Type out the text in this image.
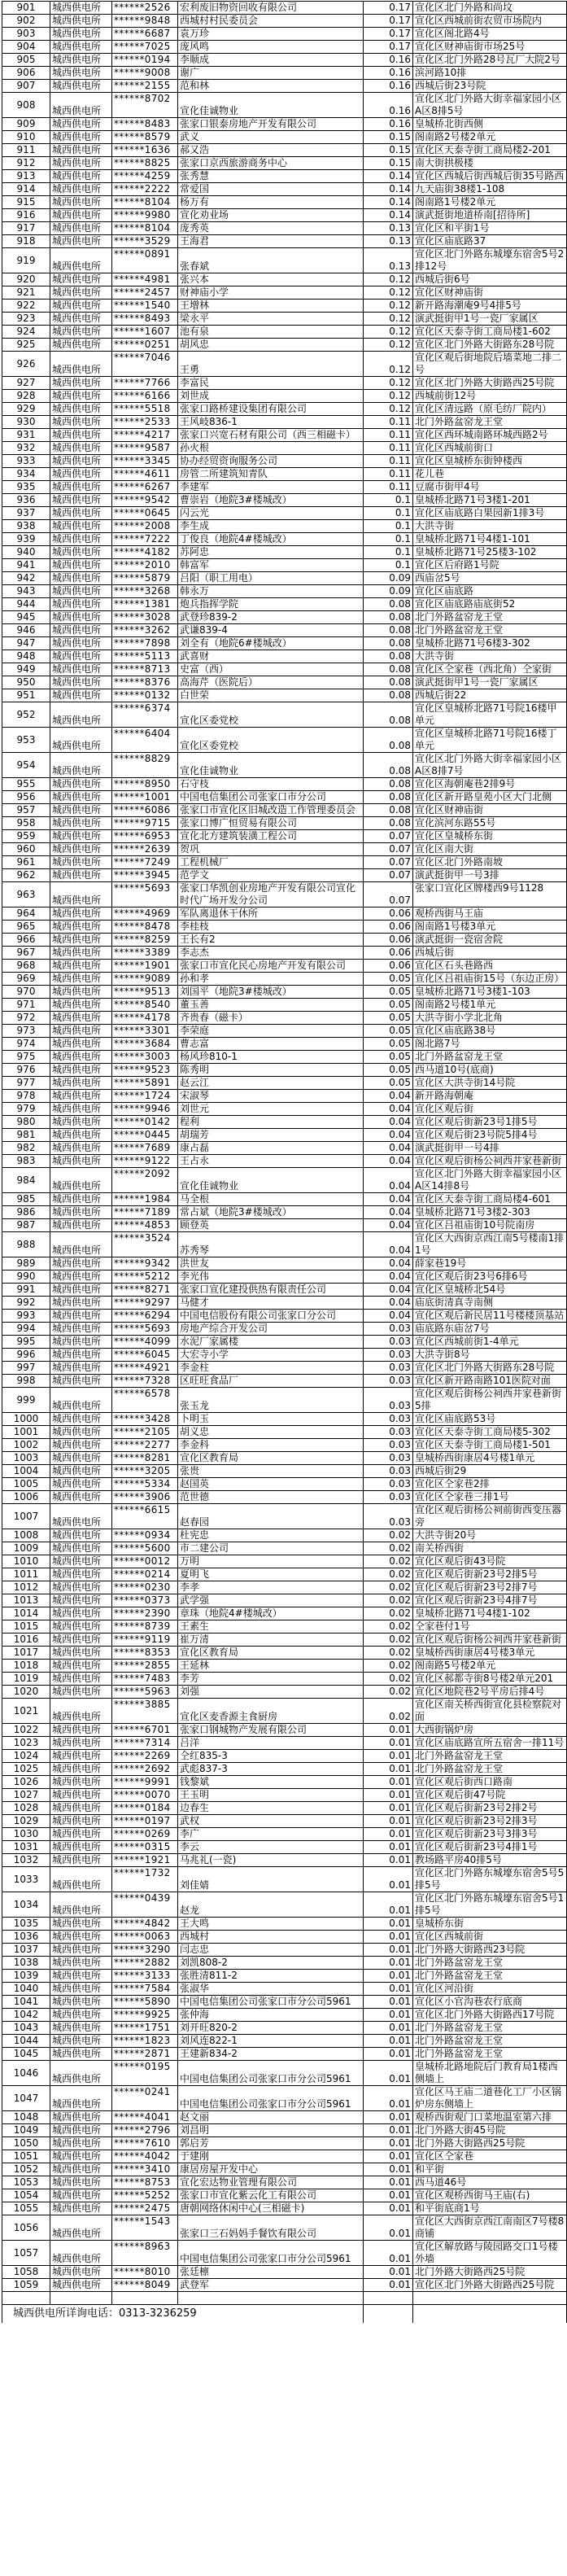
901	城西供电所	******2526	宏利废旧物资回收有限公司	0.17	宣化区北门外路和尚坟
902	城西供电所	******9848	西城村村民委员会	0.17	宣化区西城前街农贸市场院内
903	城西供电所	******6687	袁万珍	0.17	宣化区阁北路4号
904	城西供电所	******7025	庞风鸣	0.17	宣化区财神庙街市场25号
905	城西供电所	******0194	李顺成	0.16	宣化区北门外路28号瓦厂大院2号
906	城西供电所	******9008	谢广	0.16	滨河路10排
907	城西供电所	******2155	范和林	0.16	西城后街23号院
908	城西供电所	******8702	宣化佳诚物业	0.16	宣化区北门外路大街幸福家园小区A区8排5号
909	城西供电所	******8483	张家口银泰房地产开发有限公司	0.16	皇城桥北街西侧
910	城西供电所	******8579	武义	0.15	阁南路2号楼2单元
911	城西供电所	******1636	郝又浩	0.15	宣化区天泰寺街工商局楼2-201
912	城西供电所	******8825	张家口京西旅游商务中心	0.15	南大街拱极楼
913	城西供电所	******4259	张秀慧	0.14	宣化区西城后街西城后街35号路西
914	城西供电所	******2222	常爱国	0.14	九天庙街38楼1-108
915	城西供电所	******8104	杨万有	0.14	阁南路1号楼2单元
916	城西供电所	******9980	宣化劝业场	0.14	演武挺街地道桥南[招待所]
917	城西供电所	******8104	庞秀英	0.13	宣化区和平街1号
918	城西供电所	******3529	王海君	0.13	宣化区庙底路37
919	城西供电所	******0891	张春斌	0.13	宣化区北门外路东城壕东宿舍5号2排12号
920	城西供电所	******4981	张兴本	0.12	西城后街6号
921	城西供电所	******2457	财神庙小学	0.12	宣化区财神庙街
922	城西供电所	******1540	王增林	0.12	新开路海潮庵9号4排5号
923	城西供电所	******8493	梁永平	0.12	演武挺街甲1号一瓷厂家属区
924	城西供电所	******1607	池有泉	0.12	宣化区天泰寺街工商局楼1-602
925	城西供电所	******0251	胡风忠	0.12	宣化区北门外路大街路东28号院
926	城西供电所	******7046	王勇	0.12	宣化区观后街地院后墙菜地二排二号
927	城西供电所	******7766	李富民	0.12	宣化区北门外路大街路西25号院
928	城西供电所	******6166	刘世成	0.12	西城前街12号
929	城西供电所	******5518	张家口路桥建设集团有限公司	0.12	宣化区清远路（原毛纺厂院内）
930	城西供电所	******2533	王风岐836-1	0.11	北门外路盆窑龙王堂
931	城西供电所	******4217	张家口兴宽石材有限公司（西三相磁卡）	0.11	宣化区西环城南路环城西路2号
932	城西供电所	******9587	孙火根	0.11	宣化区西城前街口
933	城西供电所	******3345	协办经贸资询服务公司	0.11	宣化区皇城桥东街钟楼西
934	城西供电所	******4611	房管二所建筑知青队	0.11	花儿巷
935	城西供电所	******6267	李建军	0.11	豆腐市街甲4号
936	城西供电所	******9542	曹崇岩（地院3#楼城改）	0.1	皇城桥北路71号3楼1-201
937	城西供电所	******0645	闪云光	0.1	宣化区庙底路白果园新1排3号
938	城西供电所	******2008	李生成	0.1	大洪寺街
939	城西供电所	******7222	丁俊良（地院4#楼城改）	0.1	皇城桥北路71号4楼1-101
940	城西供电所	******4182	苏阿忠	0.1	皇城桥北路71号25楼3-102
941	城西供电所	******2010	韩富军	0.1	宣化区后府路1号院
942	城西供电所	******5879	吕阳（职工用电）	0.09	西庙岔5号
943	城西供电所	******3268	韩永万	0.09	宣化区庙底路
944	城西供电所	******1381	炮兵指挥学院	0.08	宣化区庙底路庙底街52
945	城西供电所	******3028	武登珍839-2	0.08	北门外路盆窑龙王堂
946	城西供电所	******3262	武谦839-4	0.08	北门外路盆窑龙王堂
947	城西供电所	******7898	刘全有（地院6#楼城改）	0.08	皇城桥北路71号6楼3-302
948	城西供电所	******5113	武喜财	0.08	大洪寺街
949	城西供电所	******8713	史富（西）	0.08	宣化区仝家巷（西北角）仝家街
950	城西供电所	******8376	高海芹（医院后）	0.08	演武挺街甲1号一瓷厂家属区
951	城西供电所	******0132	白世荣	0.08	西城后街22
952	城西供电所	******6374	宣化区委党校	0.08	宣化区皇城桥北路71号院16楼甲单元
953	城西供电所	******6404	宣化区委党校	0.08	宣化区皇城桥北路71号院16楼丁单元
954	城西供电所	******8829	宣化佳诚物业	0.08	宣化区北门外路大街幸福家园小区A区8排7号
955	城西供电所	******8950	石守枝	0.08	宣化区海朝庵巷2排9号
956	城西供电所	******1001	中国电信集团公司张家口市分公司	0.08	宣化区新开路皇苑小区大门北侧
957	城西供电所	******6086	张家口市宣化区旧城改造工作管理委员会	0.08	宣化区财神庙街
958	城西供电所	******9715	张家口博广恒贸易有限公司	0.08	宣化滨河东路55号
959	城西供电所	******6953	宣化北方建筑装潢工程公司	0.07	宣化区皇城桥东街
960	城西供电所	******2639	贺巩	0.07	宣化区南大街
961	城西供电所	******7249	工程机械厂	0.07	宣化区北门外路南坡
962	城西供电所	******3945	范学文	0.07	演武挺街甲一号3排
963	城西供电所	******5693	张家口华凯创业房地产开发有限公司宣化时代广场开发分公司	0.07	张家口宣化区牌楼西9号1128
964	城西供电所	******4969	军队离退休干休所	0.06	观桥西街马王庙
965	城西供电所	******8478	李桂枝	0.06	阁南路1号楼3单元
966	城西供电所	******8259	王长有2	0.06	演武挺街一瓷宿舍院
967	城西供电所	******3389	李志杰	0.06	西城后街
968	城西供电所	******1901	张家口市宣化民心房地产开发有限公司	0.06	宣化区石头巷路西
969	城西供电所	******9089	孙和孝	0.05	宣化区吕祖庙街15号（东边正房）
970	城西供电所	******9513	刘国平（地院3#楼城改）	0.05	皇城桥北路71号3楼1-103
971	城西供电所	******8540	董玉善	0.05	阁南路2号楼1单元
972	城西供电所	******4178	齐贵春（磁卡）	0.05	大洪寺街小学北北角
973	城西供电所	******3301	李荣庭	0.05	宣化区庙底路38号
974	城西供电所	******3684	曹志富	0.05	阁北路7号
975	城西供电所	******3003	杨风珍810-1	0.05	北门外路盆窑龙王堂
976	城西供电所	******9523	陈秀明	0.05	西马道10号(底商)
977	城西供电所	******5891	赵云江	0.05	宣化区大洪寺街14号院
978	城西供电所	******1724	宋淑琴	0.04	新开路海朝庵
979	城西供电所	******9946	刘世元	0.04	宣化区观后街
980	城西供电所	******0142	程利	0.04	宣化区观后街新23号1排5号
981	城西供电所	******0445	胡瑞芳	0.04	宣化区观后街23号院5排4号
982	城西供电所	******7689	康占磊	0.04	演武挺街甲一号4排
983	城西供电所	******9122	王占永	0.04	宣化区观后街杨公祠西井家巷新街
984	城西供电所	******2092	宣化佳诚物业	0.04	宣化区北门外路大街幸福家园小区A区14排8号
985	城西供电所	******1984	马全根	0.04	宣化区天泰寺街工商局楼4-601
986	城西供电所	******7189	常占斌（地院3#楼城改）	0.04	皇城桥北路71号3楼2-303
987	城西供电所	******4853	顾登英	0.04	宣化区吕祖庙街10号院南房
988	城西供电所	******3524	苏秀琴	0.04	宣化区大西街京西江南5号楼南1排1号
989	城西供电所	******9342	洪世友	0.04	薛家巷19号
990	城西供电所	******5212	李光伟	0.04	宣化区观后街23号6排6号
991	城西供电所	******8271	张家口宣化建投供热有限责任公司	0.04	宣化区皇城桥北54号
992	城西供电所	******9297	马健才	0.04	庙底街清真寺南侧
993	城西供电所	******6294	中国电信股份有限公司张家口分公司	0.04	宣化区观后新民居11号楼楼顶基站
994	城西供电所	******5693	房地产综合开发公司	0.03	庙底路东庙岔7号
995	城西供电所	******4099	水泥厂家属楼	0.03	宣化区西城前街1-4单元
996	城西供电所	******6045	大宏寺小学	0.03	大洪寺街8号
997	城西供电所	******4921	李金柱	0.03	宣化区北门外路大街路东28号院
998	城西供电所	******7328	区旺旺食品厂	0.03	宣化区新开路南路101医院对面
999	城西供电所	******6578	张玉龙	0.03	宣化区观后街杨公祠西井家巷新街5排
1000	城西供电所	******3428	卜明玉	0.03	宣化区庙底路53号
1001	城西供电所	******2105	胡义忠	0.03	宣化区天泰寺街工商局楼5-302
1002	城西供电所	******2277	李金科	0.03	宣化区天泰寺街工商局楼1-501
1003	城西供电所	******8281	宣化区教育局	0.03	皇城桥西街康居4号楼1单元
1004	城西供电所	******3205	张贵	0.03	西城后街29
1005	城西供电所	******5334	赵国英	0.03	宣化区仝家巷2排
1006	城西供电所	******3906	范世德	0.03	宣化区仝家巷三排1号
1007	城西供电所	******6615	赵春园	0.03	宣化区观后街杨公祠前街西变压器旁
1008	城西供电所	******0934	杜宪忠	0.02	大洪寺街20号
1009	城西供电所	******5600	市二建公司	0.02	南关桥西街
1010	城西供电所	******0012	万明	0.02	宣化区观后街43号院
1011	城西供电所	******0214	夏明飞	0.02	宣化区观后街新23号2排5号
1012	城西供电所	******0230	李孝	0.02	宣化区观后街新23号2排7号
1013	城西供电所	******0373	武学强	0.02	宣化区观后街新23号4排7号
1014	城西供电所	******2390	章珠（地院4#楼城改）	0.02	皇城桥北路71号4楼1-102
1015	城西供电所	******8739	王素生	0.02	仝家巷付1号
1016	城西供电所	******9119	崔万清	0.02	宣化区观后街杨公祠西井家巷新街
1017	城西供电所	******8353	宣化区教育局	0.02	皇城桥西街康居4号楼3单元
1018	城西供电所	******2855	王延林	0.02	阁南路5号楼2单元
1019	城西供电所	******7483	李芳	0.02	宣化区郝都寺街8号楼2单元201
1020	城西供电所	******5963	刘强	0.02	宣化区地院巷2号平房后排4号
1021	城西供电所	******3885	宣化区麦香源主食厨房	0.02	宣化区南关桥西街宣化县检察院对面
1022	城西供电所	******6701	张家口钢城物产发展有限公司	0.01	大西街锅炉房
1023	城西供电所	******7314	吕洋	0.01	宣化区庙底路宣所五宿舍一排11号
1024	城西供电所	******2269	仝红835-3	0.01	北门外路盆窑龙王堂
1025	城西供电所	******2692	武彪837-3	0.01	北门外路盆窑龙王堂
1026	城西供电所	******9991	钱黎斌	0.01	宣化区观后街西口路南
1027	城西供电所	******0070	王玉明	0.01	宣化区观后街47号院
1028	城西供电所	******0184	边春生	0.01	宣化区观后街新23号2排2号
1029	城西供电所	******0197	武权	0.01	宣化区观后街新23号2排3号
1030	城西供电所	******0269	李广	0.01	宣化区观后街新23号3排3号
1031	城西供电所	******0315	李云	0.01	宣化区观后街新23号4排1号
1032	城西供电所	******1921	马兆礼(一瓷)	0.01	教场路平房40排5号
1033	城西供电所	******1732	刘佳婧	0.01	宣化区北门外路东城壕东宿舍5号5排5号
1034	城西供电所	******0439	赵龙	0.01	宣化区北门外路东城壕东宿舍5号1排5号
1035	城西供电所	******4842	王大鸣	0.01	皇城桥东街
1036	城西供电所	******0063	西城村	0.01	宣化区西城前街
1037	城西供电所	******3290	闫志忠	0.01	北门外路大街路西23号院
1038	城西供电所	******2882	刘凯808-2	0.01	北门外路盆窑龙王堂
1039	城西供电所	******3133	张胜清811-2	0.01	北门外路盆窑龙王堂
1040	城西供电所	******7584	张淑华	0.01	宣化区河沿街
1041	城西供电所	******5890	中国电信集团公司张家口市分公司5961	0.01	宣化区小官沟巷农行底商
1042	城西供电所	******9925	张仲海	0.01	宣化区北门外路大街路西17号院
1043	城西供电所	******1751	刘开旺820-2	0.01	北门外路盆窑龙王堂
1044	城西供电所	******1823	刘风连822-1	0.01	北门外路盆窑龙王堂
1045	城西供电所	******2871	王建新834-2	0.01	北门外路盆窑龙王堂
1046	城西供电所	******0195	中国电信集团公司张家口市分公司5961	0.01	皇城桥北路地院后门教育局1楼西侧墙上
1047	城西供电所	******0241	中国电信集团公司张家口市分公司5961	0.01	宣化区马王庙二道巷化工厂小区锅炉房东侧墙上
1048	城西供电所	******4041	赵文丽	0.01	观桥西街观门口菜地温室第六排
1049	城西供电所	******2796	刘昌明	0.01	北门外路大街45号院
1050	城西供电所	******7610	郭启芳	0.01	北门外路大街路西25号院
1051	城西供电所	******4042	于建刚	0.01	宣化区仝家巷
1052	城西供电所	******3410	康居房屋开发中心	0.01	和平街
1053	城西供电所	******8753	宣化宏达物业管理有限公司	0.01	西马道46号
1054	城西供电所	******5252	张家口市宣化紫云化工有限公司	0.01	宣化区观桥西街马王庙(右)
1055	城西供电所	******2475	唐朝网络休闲中心(三相磁卡)	0.01	和平街底商1号
1056	城西供电所	******1543	张家口三石妈妈手餐饮有限公司	0.01	宣化区大西街京西江南南区7号楼8商铺
1057	城西供电所	******8963	中国电信集团公司张家口市分公司5961	0.01	宣化区解放路与陵园路交口1号楼外墙
1058	城西供电所	******8010	张廷檩	0.01	北门外路大街路西25号院
1059	城西供电所	******8049	武登军	0.01	宣化区北门外路大街路西25号院

城西供电所详询电话：0313-3236259					
